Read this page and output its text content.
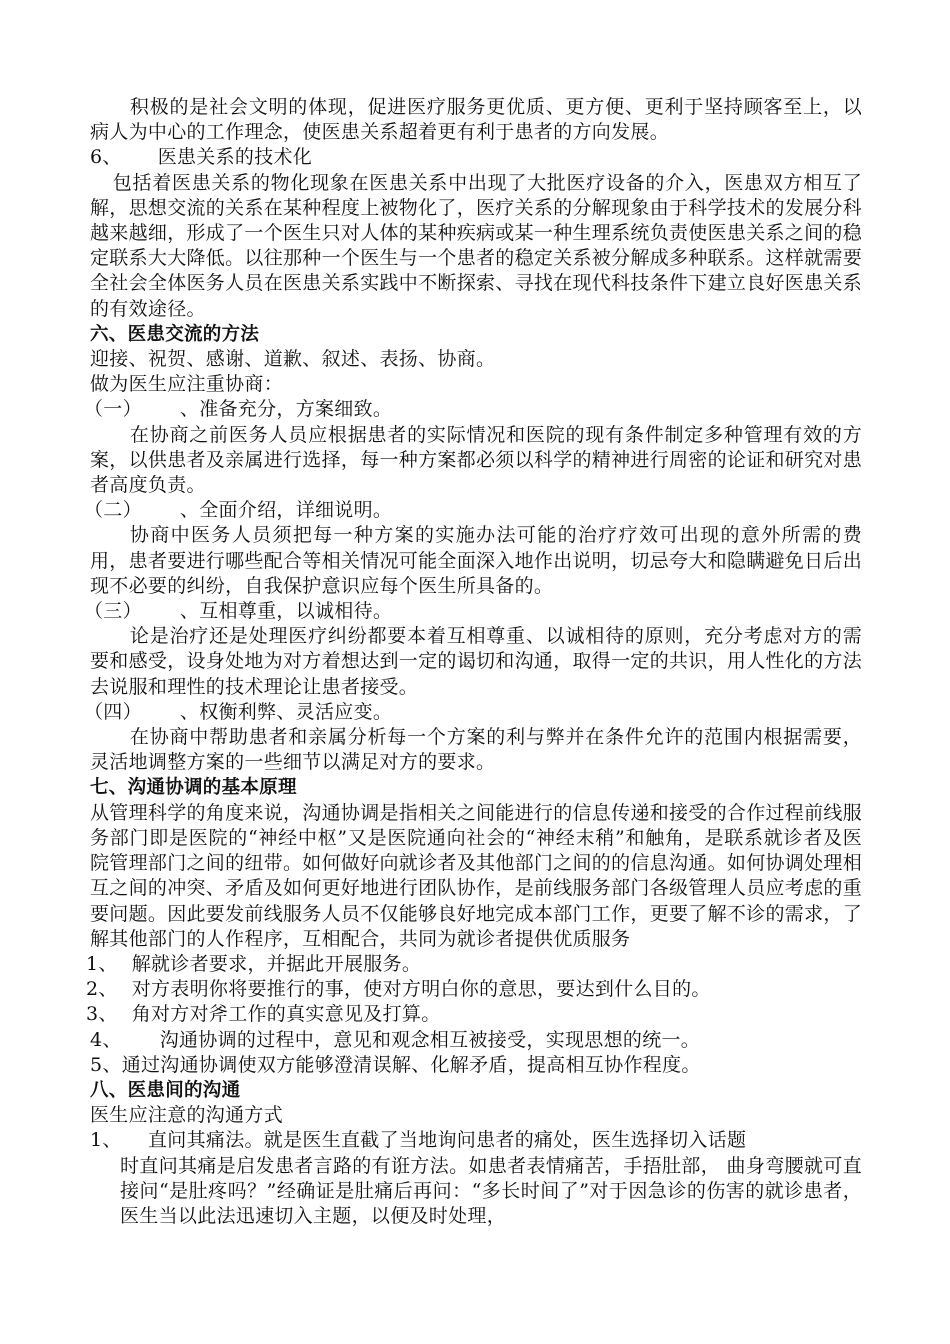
积极的是社会文明的体现，促进医疗服务更优质、更方便、更利于坚持顾客至上，以病人为中心的工作理念，使医患关系超着更有利于患者的方向发展。

6、	医患关系的技术化

包括着医患关系的物化现象在医患关系中出现了大批医疗设备的介入，医患双方相互了解，思想交流的关系在某种程度上被物化了，医疗关系的分解现象由于科学技术的发展分科越来越细，形成了一个医生只对人体的某种疾病或某一种生理系统负责使医患关系之间的稳定联系大大降低。以往那种一个医生与一个患者的稳定关系被分解成多种联系。这样就需要全社会全体医务人员在医患关系实践中不断探索、寻找在现代科技条件下建立良好医患关系的有效途径。

六、医患交流的方法

迎接、祝贺、感谢、道歉、叙述、表扬、协商。

做为医生应注重协商：

（一）	、准备充分，方案细致。

在协商之前医务人员应根据患者的实际情况和医院的现有条件制定多种管理有效的方案，以供患者及亲属进行选择，每一种方案都必须以科学的精神进行周密的论证和研究对患者高度负责。

（二）	、全面介绍，详细说明。

协商中医务人员须把每一种方案的实施办法可能的治疗疗效可出现的意外所需的费用，患者要进行哪些配合等相关情况可能全面深入地作出说明，切忌夸大和隐瞒避免日后出现不必要的纠纷，自我保护意识应每个医生所具备的。

（三）	、互相尊重，以诚相待。

论是治疗还是处理医疗纠纷都要本着互相尊重、以诚相待的原则，充分考虑对方的需要和感受，设身处地为对方着想达到一定的谒切和沟通，取得一定的共识，用人性化的方法去说服和理性的技术理论让患者接受。

（四）	、权衡利弊、灵活应变。

在协商中帮助患者和亲属分析每一个方案的利与弊并在条件允许的范围内根据需要，灵活地调整方案的一些细节以满足对方的要求。

七、沟通协调的基本原理

从管理科学的角度来说，沟通协调是指相关之间能进行的信息传递和接受的合作过程前线服务部门即是医院的“神经中枢”又是医院通向社会的“神经末稍”和触角，是联系就诊者及医院管理部门之间的纽带。如何做好向就诊者及其他部门之间的的信息沟通。如何协调处理相互之间的冲突、矛盾及如何更好地进行团队协作，是前线服务部门各级管理人员应考虑的重要问题。因此要发前线服务人员不仅能够良好地完成本部门工作，更要了解不诊的需求，了解其他部门的人作程序，互相配合，共同为就诊者提供优质服务

1、 解就诊者要求，并据此开展服务。
2、 对方表明你将要推行的事，使对方明白你的意思，要达到什么目的。
3、 角对方对斧工作的真实意见及打算。
4、	沟通协调的过程中，意见和观念相互被接受，实现思想的统一。

5、通过沟通协调使双方能够澄清误解、化解矛盾，提高相互协作程度。

八、医患间的沟通

医生应注意的沟通方式

1、	直问其痛法。就是医生直截了当地询问患者的痛处，医生选择切入话题

时直问其痛是启发患者言路的有诳方法。如患者表情痛苦，手捂肚部， 曲身弯腰就可直接问“是肚疼吗？”经确证是肚痛后再问：“多长时间了”对于因急诊的伤害的就诊患者，医生当以此法迅速切入主题，以便及时处理，
